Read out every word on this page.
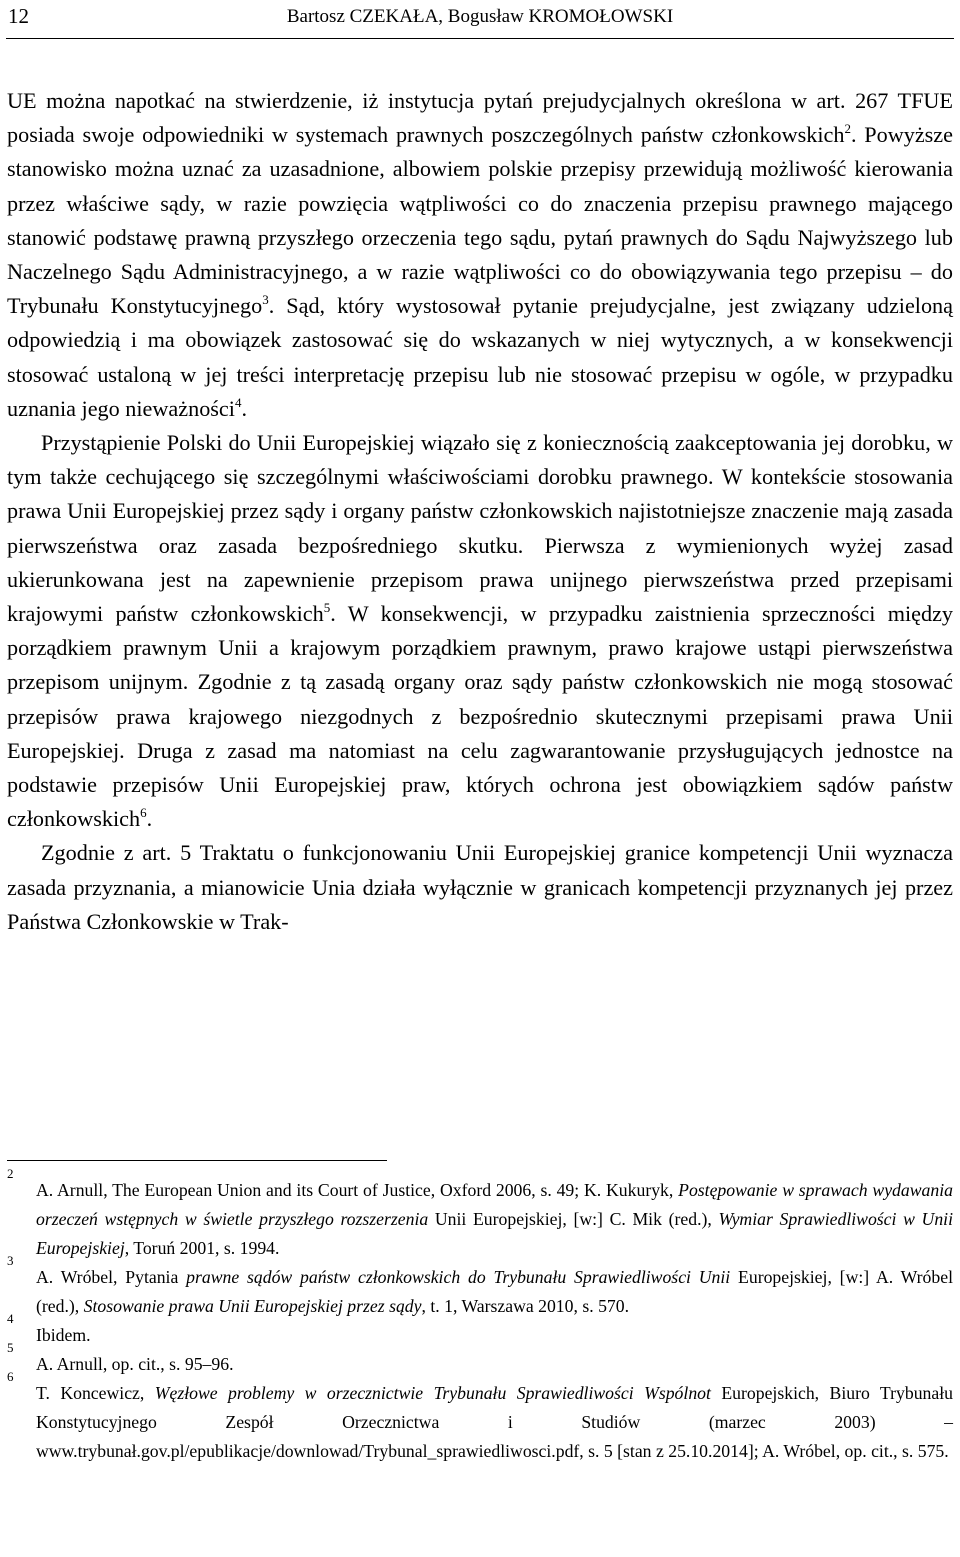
12	Bartosz CZEKAŁA, Bogusław KROMOŁOWSKI

UE można napotkać na stwierdzenie, iż instytucja pytań prejudycjalnych określona w art. 267 TFUE posiada swoje odpowiedniki w systemach prawnych poszczególnych państw członkowskich$^2$. Powyższe stanowisko można uznać za uzasadnione, albowiem polskie przepisy przewidują możliwość kierowania przez właściwe sądy, w razie powzięcia wątpliwości co do znaczenia przepisu prawnego mającego stanowić podstawę prawną przyszłego orzeczenia tego sądu, pytań prawnych do Sądu Najwyższego lub Naczelnego Sądu Administracyjnego, a w razie wątpliwości co do obowiązywania tego przepisu – do Trybunału Konstytucyjnego$^3$. Sąd, który wystosował pytanie prejudycjalne, jest związany udzieloną odpowiedzią i ma obowiązek zastosować się do wskazanych w niej wytycznych, a w konsekwencji stosować ustaloną w jej treści interpretację przepisu lub nie stosować przepisu w ogóle, w przypadku uznania jego nieważności$^4$.

Przystąpienie Polski do Unii Europejskiej wiązało się z koniecznością zaakceptowania jej dorobku, w tym także cechującego się szczególnymi właściwościami dorobku prawnego. W kontekście stosowania prawa Unii Europejskiej przez sądy i organy państw członkowskich najistotniejsze znaczenie mają zasada pierwszeństwa oraz zasada bezpośredniego skutku. Pierwsza z wymienionych wyżej zasad ukierunkowana jest na zapewnienie przepisom prawa unijnego pierwszeństwa przed przepisami krajowymi państw członkowskich$^5$. W konsekwencji, w przypadku zaistnienia sprzeczności między porządkiem prawnym Unii a krajowym porządkiem prawnym, prawo krajowe ustąpi pierwszeństwa przepisom unijnym. Zgodnie z tą zasadą organy oraz sądy państw członkowskich nie mogą stosować przepisów prawa krajowego niezgodnych z bezpośrednio skutecznymi przepisami prawa Unii Europejskiej. Druga z zasad ma natomiast na celu zagwarantowanie przysługujących jednostce na podstawie przepisów Unii Europejskiej praw, których ochrona jest obowiązkiem sądów państw członkowskich$^6$.

Zgodnie z art. 5 Traktatu o funkcjonowaniu Unii Europejskiej granice kompetencji Unii wyznacza zasada przyznania, a mianowicie Unia działa wyłącznie w granicach kompetencji przyznanych jej przez Państwa Członkowskie w Trak-

2
A. Arnull, The European Union and its Court of Justice, Oxford 2006, s. 49; K. Kukuryk, Postępowanie w sprawach wydawania orzeczeń wstępnych w świetle przyszłego rozszerzenia Unii Europejskiej, [w:] C. Mik (red.), Wymiar Sprawiedliwości w Unii Europejskiej, Toruń 2001, s. 1994.
3
A. Wróbel, Pytania prawne sądów państw członkowskich do Trybunału Sprawiedliwości Unii Europejskiej, [w:] A. Wróbel (red.), Stosowanie prawa Unii Europejskiej przez sądy, t. 1, Warszawa 2010, s. 570.
4
Ibidem.
5
A. Arnull, op. cit., s. 95–96.
6
T. Koncewicz, Węzłowe problemy w orzecznictwie Trybunału Sprawiedliwości Wspólnot Europejskich, Biuro Trybunału Konstytucyjnego Zespół Orzecznictwa i Studiów (marzec 2003) – www.trybunał.gov.pl/epublikacje/downlowad/Trybunal_sprawiedliwosci.pdf, s. 5 [stan z 25.10.2014]; A. Wróbel, op. cit., s. 575.
